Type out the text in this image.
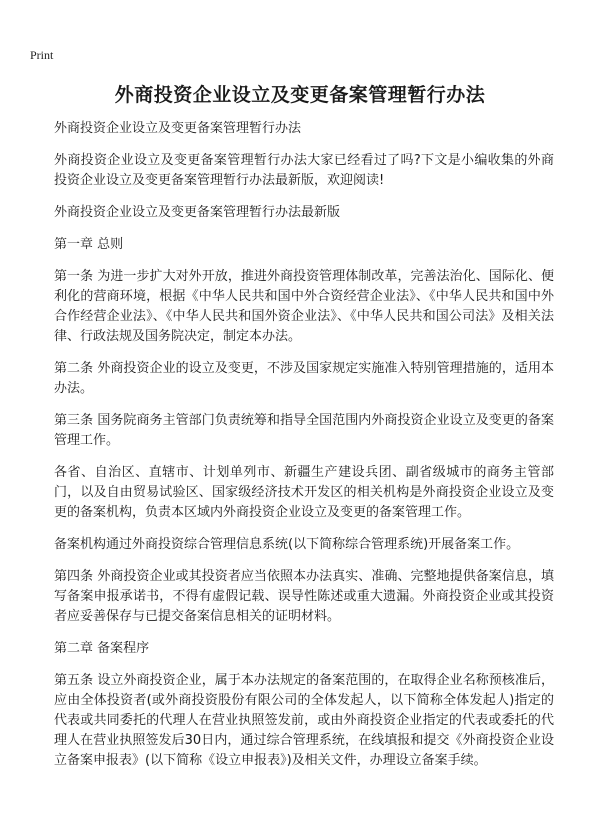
Print
外商投资企业设立及变更备案管理暂行办法

外商投资企业设立及变更备案管理暂行办法

外商投资企业设立及变更备案管理暂行办法大家已经看过了吗?下文是小编收集的外商投资企业设立及变更备案管理暂行办法最新版，欢迎阅读!

外商投资企业设立及变更备案管理暂行办法最新版

第一章 总则

第一条 为进一步扩大对外开放，推进外商投资管理体制改革，完善法治化、国际化、便利化的营商环境，根据《中华人民共和国中外合资经营企业法》、《中华人民共和国中外合作经营企业法》、《中华人民共和国外资企业法》、《中华人民共和国公司法》及相关法律、行政法规及国务院决定，制定本办法。

第二条 外商投资企业的设立及变更，不涉及国家规定实施准入特别管理措施的，适用本办法。

第三条 国务院商务主管部门负责统筹和指导全国范围内外商投资企业设立及变更的备案管理工作。

各省、自治区、直辖市、计划单列市、新疆生产建设兵团、副省级城市的商务主管部门，以及自由贸易试验区、国家级经济技术开发区的相关机构是外商投资企业设立及变更的备案机构，负责本区域内外商投资企业设立及变更的备案管理工作。

备案机构通过外商投资综合管理信息系统(以下简称综合管理系统)开展备案工作。

第四条 外商投资企业或其投资者应当依照本办法真实、准确、完整地提供备案信息，填写备案申报承诺书，不得有虚假记载、误导性陈述或重大遗漏。外商投资企业或其投资者应妥善保存与已提交备案信息相关的证明材料。

第二章 备案程序

第五条 设立外商投资企业，属于本办法规定的备案范围的，在取得企业名称预核准后，应由全体投资者(或外商投资股份有限公司的全体发起人，以下简称全体发起人)指定的代表或共同委托的代理人在营业执照签发前，或由外商投资企业指定的代表或委托的代理人在营业执照签发后30日内，通过综合管理系统，在线填报和提交《外商投资企业设立备案申报表》(以下简称《设立申报表》)及相关文件，办理设立备案手续。
